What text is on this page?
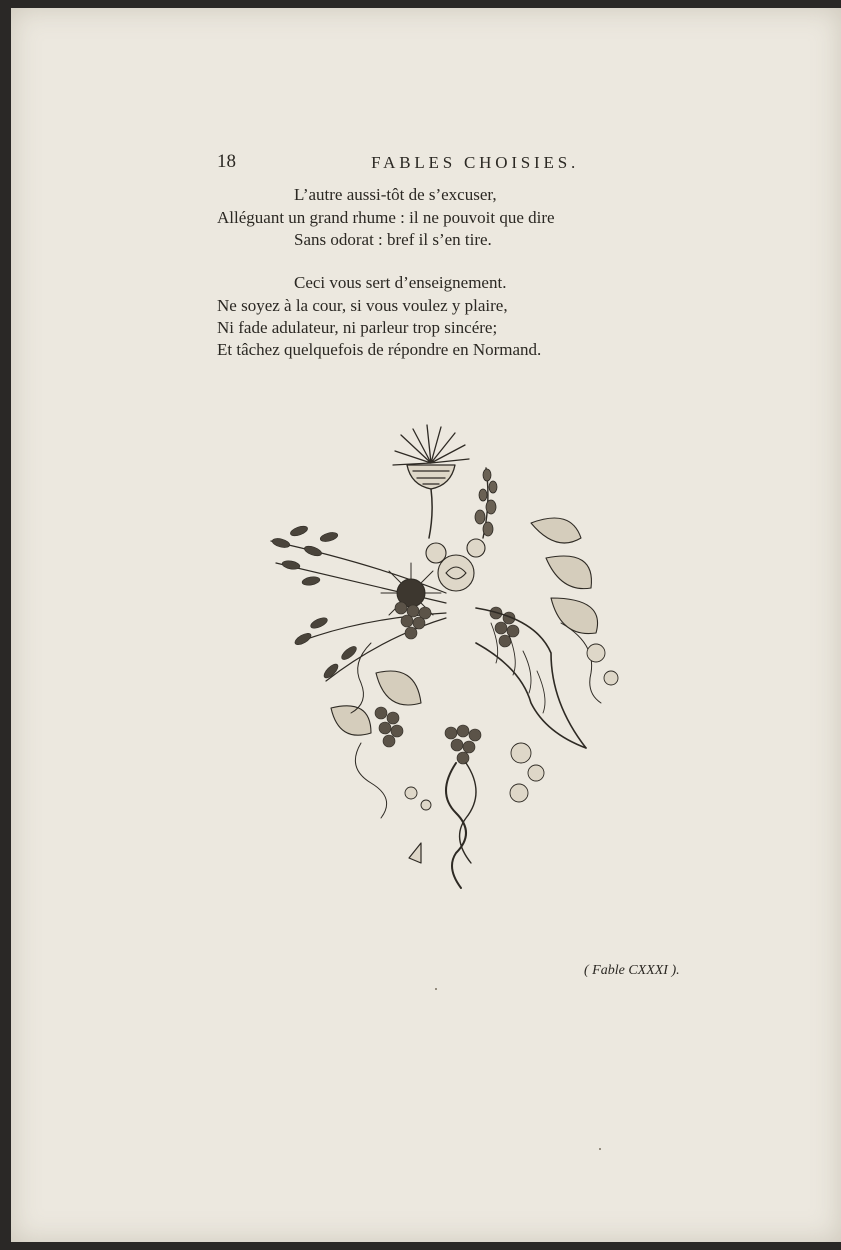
18	FABLES CHOISIES.

L’autre aussi-tôt de s’excuser,

Alléguant un grand rhume : il ne pouvoit que dire

Sans odorat : bref il s’en tire.

Ceci vous sert d’enseignement.

Ne soyez à la cour, si vous voulez y plaire,

Ni fade adulateur, ni parleur trop sincére;

Et tâchez quelquefois de répondre en Normand.

( Fable CXXXI ).
